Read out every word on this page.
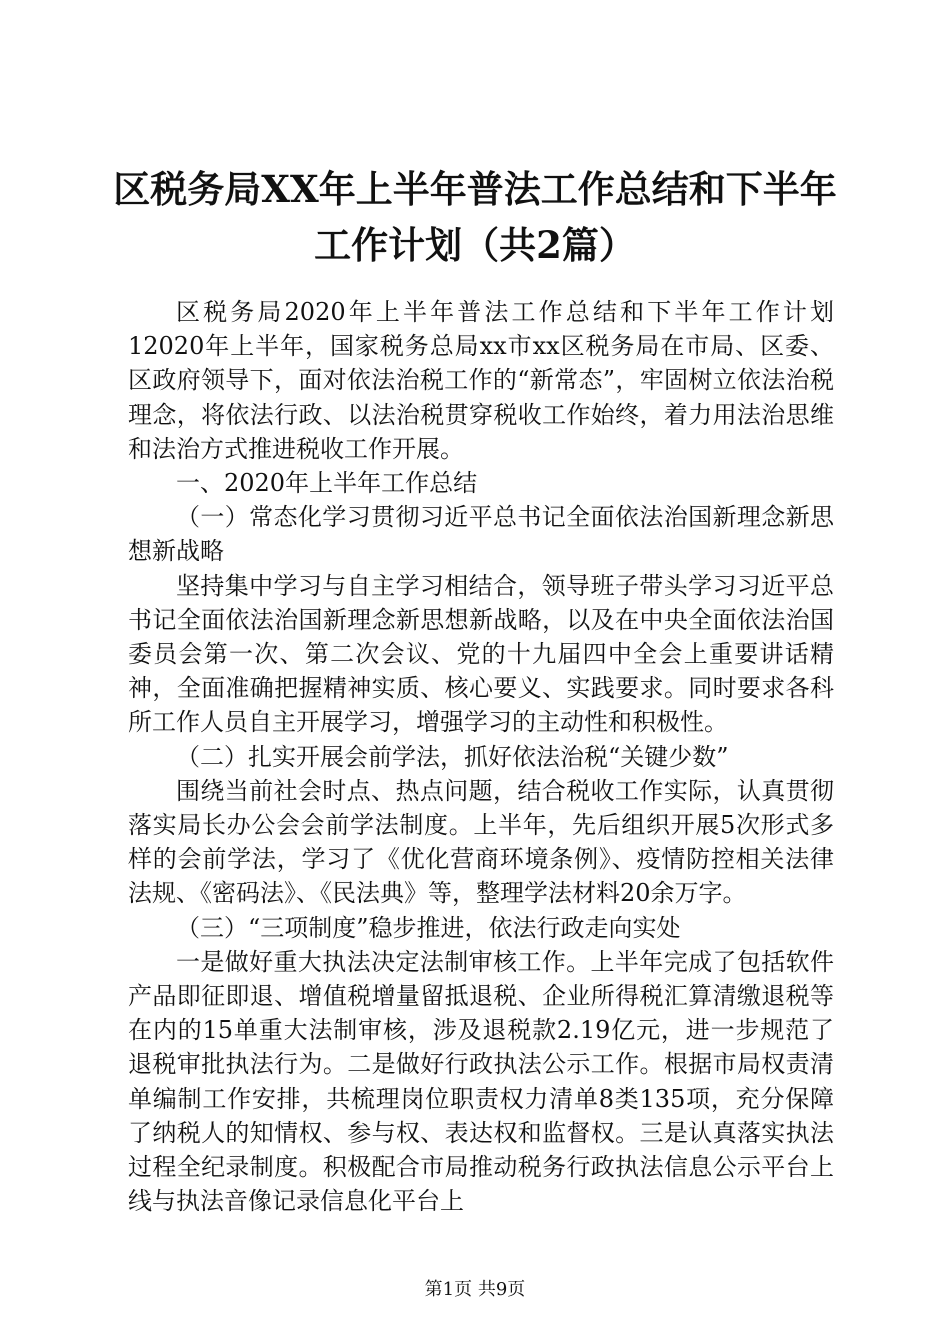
区税务局XX年上半年普法工作总结和下半年
工作计划（共2篇）

区税务局2020年上半年普法工作总结和下半年工作计划12020年上半年，国家税务总局xx市xx区税务局在市局、区委、区政府领导下，面对依法治税工作的“新常态”，牢固树立依法治税理念，将依法行政、以法治税贯穿税收工作始终，着力用法治思维和法治方式推进税收工作开展。

一、2020年上半年工作总结

（一）常态化学习贯彻习近平总书记全面依法治国新理念新思想新战略

坚持集中学习与自主学习相结合，领导班子带头学习习近平总书记全面依法治国新理念新思想新战略，以及在中央全面依法治国委员会第一次、第二次会议、党的十九届四中全会上重要讲话精神，全面准确把握精神实质、核心要义、实践要求。同时要求各科所工作人员自主开展学习，增强学习的主动性和积极性。

（二）扎实开展会前学法，抓好依法治税“关键少数”

围绕当前社会时点、热点问题，结合税收工作实际，认真贯彻落实局长办公会会前学法制度。上半年，先后组织开展5次形式多样的会前学法，学习了《优化营商环境条例》、疫情防控相关法律法规、《密码法》、《民法典》等，整理学法材料20余万字。

（三）“三项制度”稳步推进，依法行政走向实处

一是做好重大执法决定法制审核工作。上半年完成了包括软件产品即征即退、增值税增量留抵退税、企业所得税汇算清缴退税等在内的15单重大法制审核，涉及退税款2.19亿元，进一步规范了退税审批执法行为。二是做好行政执法公示工作。根据市局权责清单编制工作安排，共梳理岗位职责权力清单8类135项，充分保障了纳税人的知情权、参与权、表达权和监督权。三是认真落实执法过程全纪录制度。积极配合市局推动税务行政执法信息公示平台上线与执法音像记录信息化平台上

第1页 共9页
